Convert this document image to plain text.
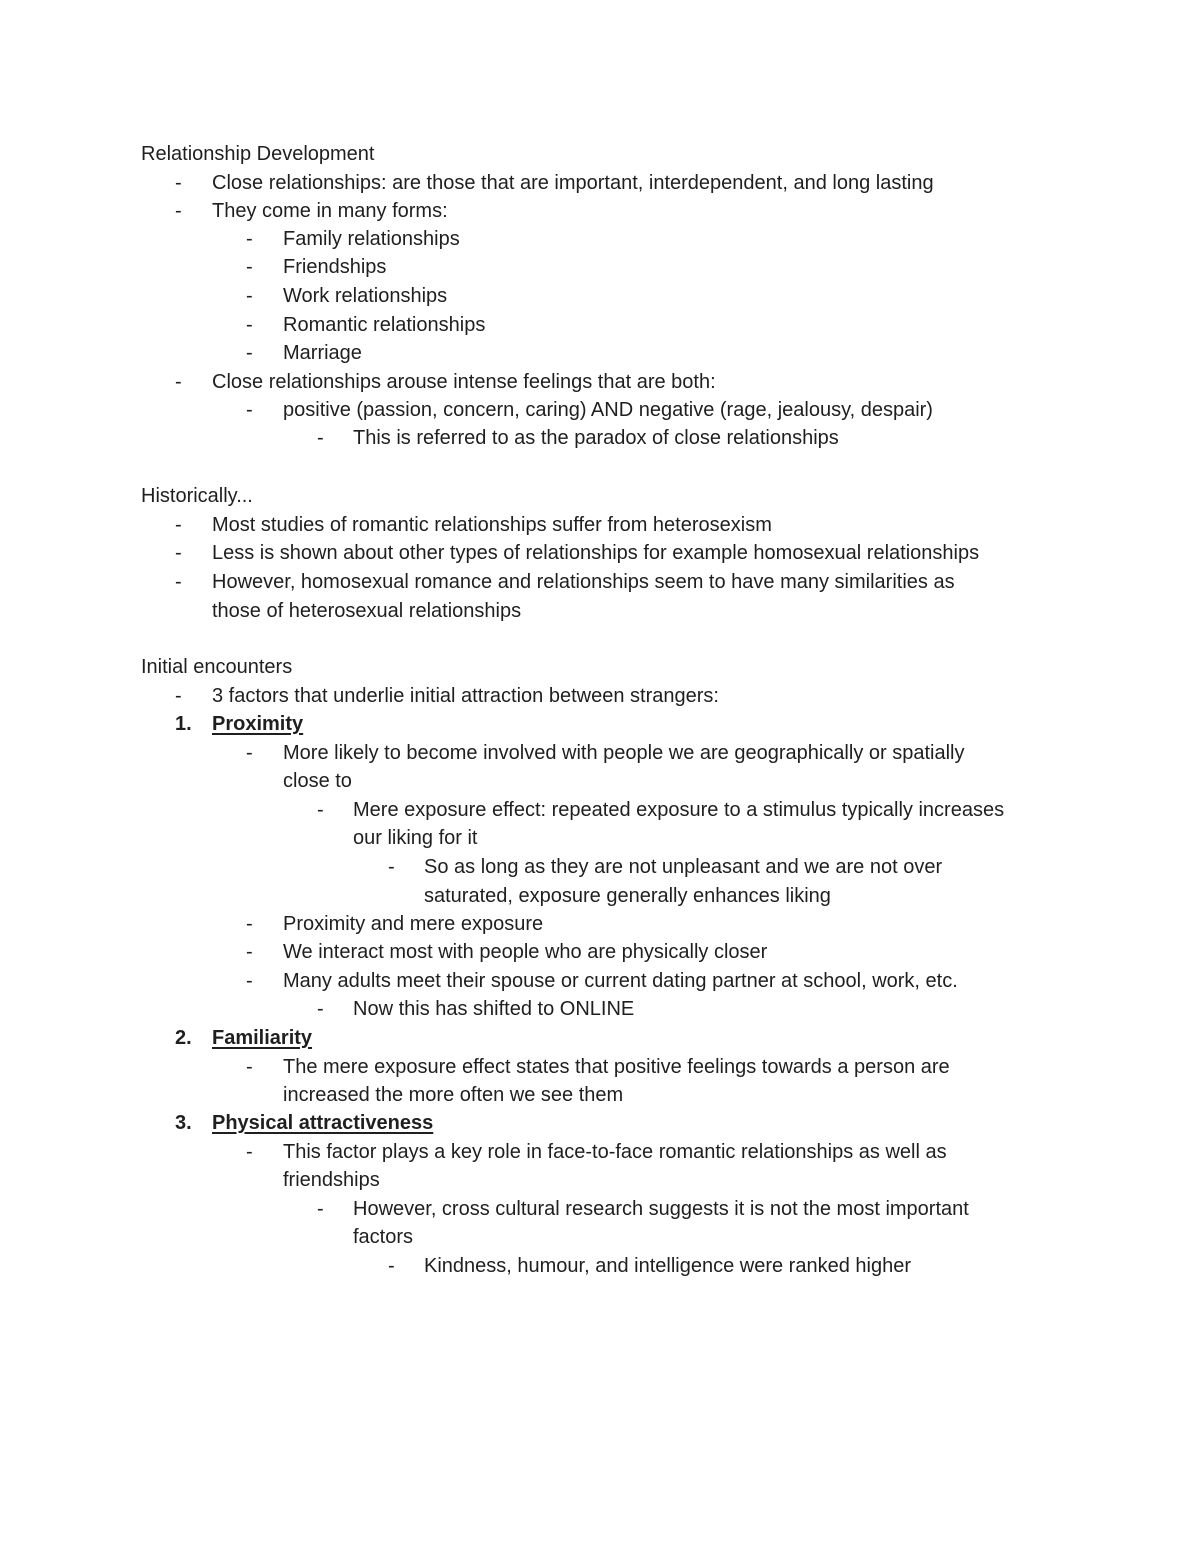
Relationship Development
- Close relationships: are those that are important, interdependent, and long lasting
- They come in many forms:
- Family relationships
- Friendships
- Work relationships
- Romantic relationships
- Marriage
- Close relationships arouse intense feelings that are both:
- positive (passion, concern, caring) AND negative (rage, jealousy, despair)
- This is referred to as the paradox of close relationships
Historically...
- Most studies of romantic relationships suffer from heterosexism
- Less is shown about other types of relationships for example homosexual relationships
- However, homosexual romance and relationships seem to have many similarities as
those of heterosexual relationships
Initial encounters
- 3 factors that underlie initial attraction between strangers:
1. Proximity
- More likely to become involved with people we are geographically or spatially
close to
- Mere exposure effect: repeated exposure to a stimulus typically increases
our liking for it
- So as long as they are not unpleasant and we are not over
saturated, exposure generally enhances liking
- Proximity and mere exposure
- We interact most with people who are physically closer
- Many adults meet their spouse or current dating partner at school, work, etc.
- Now this has shifted to ONLINE
2. Familiarity
- The mere exposure effect states that positive feelings towards a person are
increased the more often we see them
3. Physical attractiveness
- This factor plays a key role in face-to-face romantic relationships as well as
friendships
- However, cross cultural research suggests it is not the most important
factors
- Kindness, humour, and intelligence were ranked higher
